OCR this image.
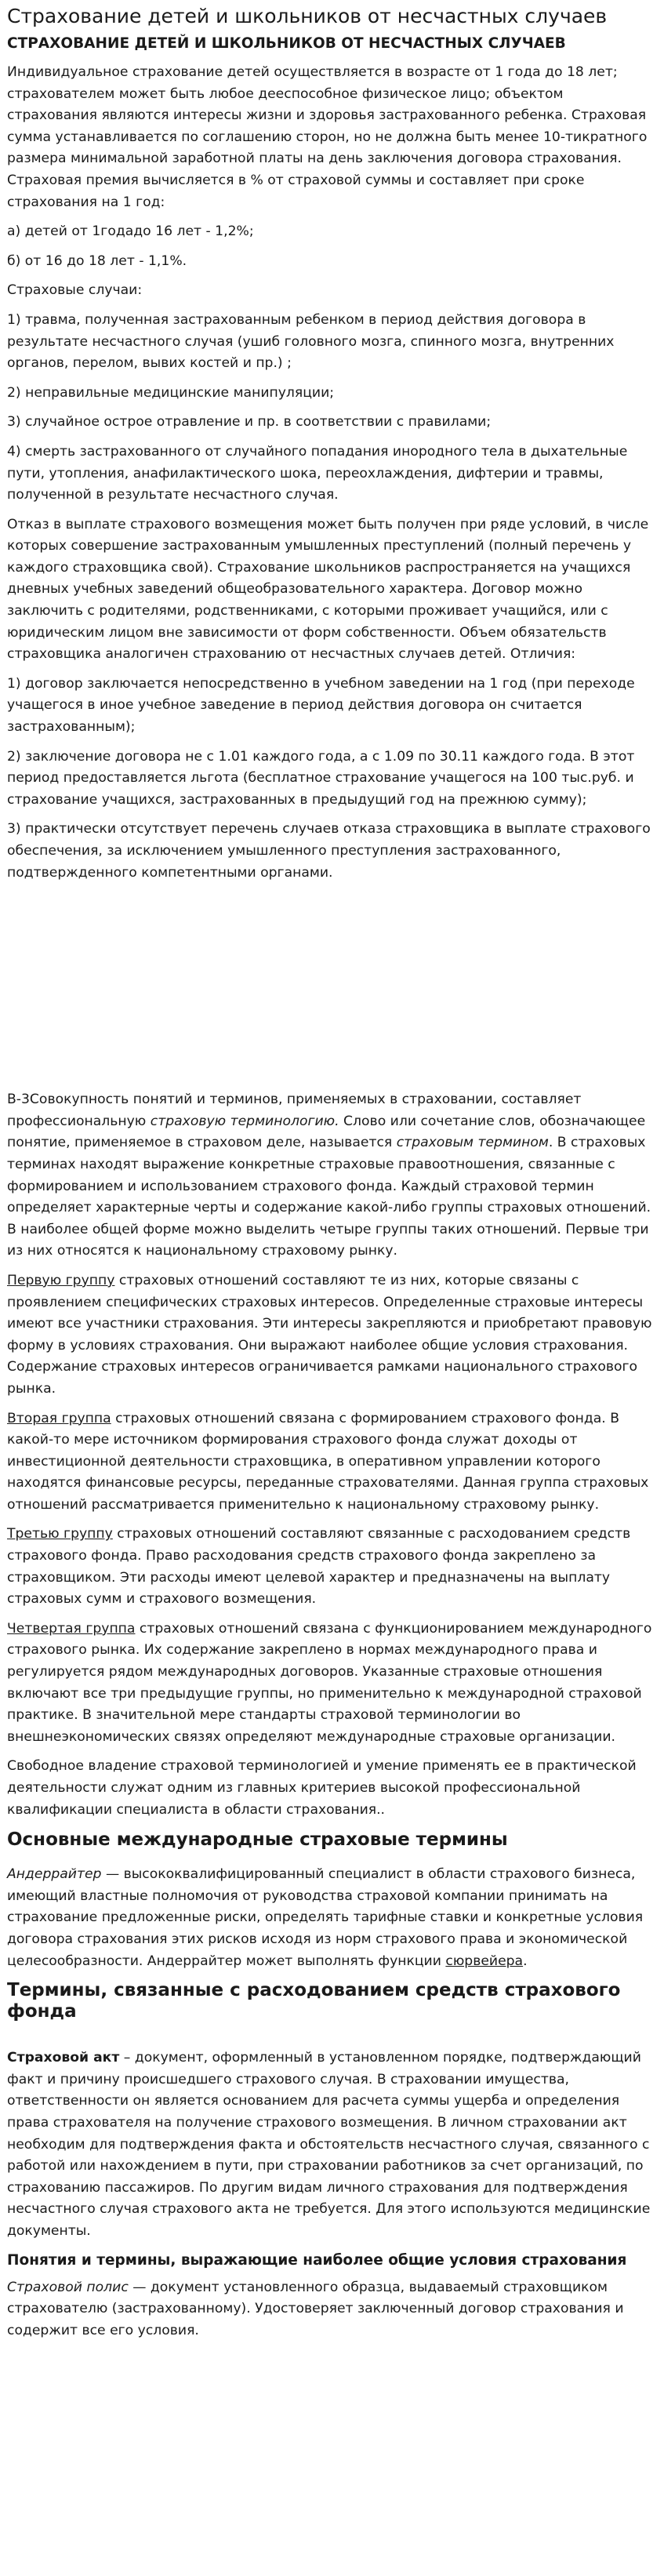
Страхование детей и школьников от несчастных случаев
СТРАХОВАНИЕ ДЕТЕЙ И ШКОЛЬНИКОВ ОТ НЕСЧАСТНЫХ СЛУЧАЕВ

Индивидуальное страхование детей осуществляется в возрасте от 1 года до 18 лет; страхователем может быть любое дееспособное физическое лицо; объектом страхования являются интересы жизни и здоровья застрахованного ребенка. Страховая сумма устанавливается по соглашению сторон, но не должна быть менее 10-тикратного размера минимальной заработной платы на день заключения договора страхования. Страховая премия вычисляется в % от страховой суммы и составляет при сроке страхования на 1 год:

а) детей от 1годадо 16 лет - 1,2%;

б) от 16 до 18 лет - 1,1%.

Страховые случаи:

1) травма, полученная застрахованным ребенком в период действия договора в результате несчастного случая (ушиб головного мозга, спинного мозга, внутренних органов, перелом, вывих костей и пр.) ;

2) неправильные медицинские манипуляции;

3) случайное острое отравление и пр. в соответствии с правилами;

4) смерть застрахованного от случайного попадания инородного тела в дыхательные пути, утопления, анафилактического шока, переохлаждения, дифтерии и травмы, полученной в результате несчастного случая.

Отказ в выплате страхового возмещения может быть получен при ряде условий, в числе которых совершение застрахованным умышленных преступлений (полный перечень у каждого страховщика свой). Страхование школьников распространяется на учащихся дневных учебных заведений общеобразовательного характера. Договор можно заключить с родителями, родственниками, с которыми проживает учащийся, или с юридическим лицом вне зависимости от форм собственности. Объем обязательств страховщика аналогичен страхованию от несчастных случаев детей. Отличия:

1) договор заключается непосредственно в учебном заведении на 1 год (при переходе учащегося в иное учебное заведение в период действия договора он считается застрахованным);

2) заключение договора не с 1.01 каждого года, а с 1.09 по 30.11 каждого года. В этот период предоставляется льгота (бесплатное страхование учащегося на 100 тыс.руб. и страхование учащихся, застрахованных в предыдущий год на прежнюю сумму);

3) практически отсутствует перечень случаев отказа страховщика в выплате страхового обеспечения, за исключением умышленного преступления застрахованного, подтвержденного компетентными органами.

В-3Совокупность понятий и терминов, применяемых в страховании, составляет профессиональную страховую терминологию. Слово или сочетание слов, обозначающее понятие, применяемое в страховом деле, называется страховым термином. В страховых терминах находят выражение конкретные страховые правоотношения, связанные с формированием и использованием страхового фонда. Каждый страховой термин определяет характерные черты и содержание какой-либо группы страховых отношений. В наиболее общей форме можно выделить четыре группы таких отношений. Первые три из них относятся к национальному страховому рынку.

Первую группу страховых отношений составляют те из них, которые связаны с проявлением специфических страховых интересов. Определенные страховые интересы имеют все участники страхования. Эти интересы закрепляются и приобретают правовую форму в условиях страхования. Они выражают наиболее общие условия страхования. Содержание страховых интересов ограничивается рамками национального страхового рынка.

Вторая группа страховых отношений связана с формированием страхового фонда. В какой-то мере источником формирования страхового фонда служат доходы от инвестиционной деятельности страховщика, в оперативном управлении которого находятся финансовые ресурсы, переданные страхователями. Данная группа страховых отношений рассматривается применительно к национальному страховому рынку.

Третью группу страховых отношений составляют связанные с расходованием средств страхового фонда. Право расходования средств страхового фонда закреплено за страховщиком. Эти расходы имеют целевой характер и предназначены на выплату страховых сумм и страхового возмещения.

Четвертая группа страховых отношений связана с функционированием международного страхового рынка. Их содержание закреплено в нормах международного права и регулируется рядом международных договоров. Указанные страховые отношения включают все три предыдущие группы, но применительно к международной страховой практике. В значительной мере стандарты страховой терминологии во внешнеэкономических связях определяют международные страховые организации.

Свободное владение страховой терминологией и умение применять ее в практической деятельности служат одним из главных критериев высокой профессиональной квалификации специалиста в области страхования..

Основные международные страховые термины

Андеррайтер — высококвалифицированный специалист в области страхового бизнеса, имеющий властные полномочия от руководства страховой компании принимать на страхование предложенные риски, определять тарифные ставки и конкретные условия договора страхования этих рисков исходя из норм страхового права и экономической целесообразности. Андеррайтер может выполнять функции сюрвейера.

Термины, связанные с расходованием средств страхового фонда

Страховой акт – документ, оформленный в установленном порядке, подтверждающий факт и причину происшедшего страхового случая. В страховании имущества, ответственности он является основанием для расчета суммы ущерба и определения права страхователя на получение страхового возмещения. В личном страховании акт необходим для подтверждения факта и обстоятельств несчастного случая, связанного с работой или нахождением в пути, при страховании работников за счет организаций, по страхованию пассажиров. По другим видам личного страхования для подтверждения несчастного случая страхового акта не требуется. Для этого используются медицинские документы.

Понятия и термины, выражающие наиболее общие условия страхования

Страховой полис — документ установленного образца, выдаваемый страховщиком страхователю (застрахованному). Удостоверяет заключенный договор страхования и содержит все его условия.
